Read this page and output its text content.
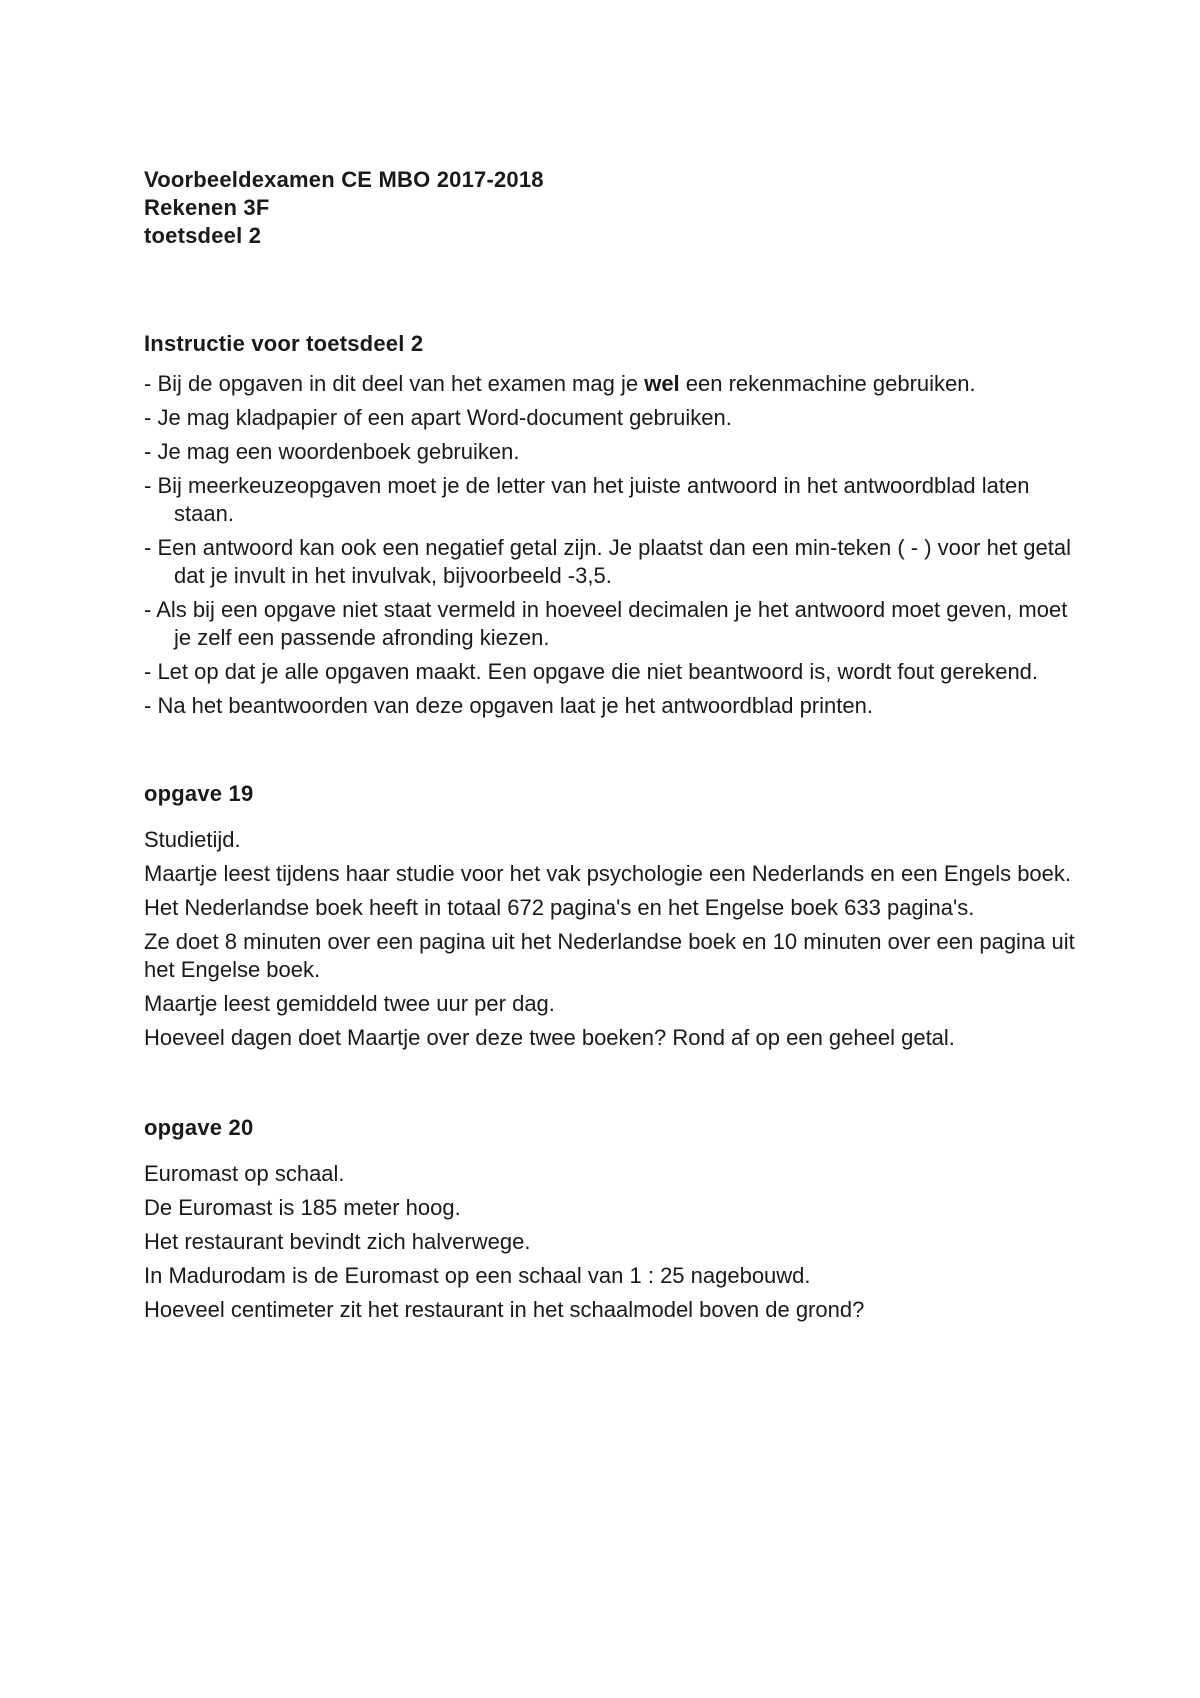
Voorbeeldexamen CE MBO 2017-2018
Rekenen 3F
toetsdeel 2
Instructie voor toetsdeel 2
- Bij de opgaven in dit deel van het examen mag je wel een rekenmachine gebruiken.
- Je mag kladpapier of een apart Word-document gebruiken.
- Je mag een woordenboek gebruiken.
- Bij meerkeuzeopgaven moet je de letter van het juiste antwoord in het antwoordblad laten staan.
- Een antwoord kan ook een negatief getal zijn. Je plaatst dan een min-teken ( - ) voor het getal dat je invult in het invulvak, bijvoorbeeld -3,5.
- Als bij een opgave niet staat vermeld in hoeveel decimalen je het antwoord moet geven, moet je zelf een passende afronding kiezen.
- Let op dat je alle opgaven maakt. Een opgave die niet beantwoord is, wordt fout gerekend.
- Na het beantwoorden van deze opgaven laat je het antwoordblad printen.
opgave 19
Studietijd.
Maartje leest tijdens haar studie voor het vak psychologie een Nederlands en een Engels boek.
Het Nederlandse boek heeft in totaal 672 pagina's en het Engelse boek 633 pagina's.
Ze doet 8 minuten over een pagina uit het Nederlandse boek en 10 minuten over een pagina uit het Engelse boek.
Maartje leest gemiddeld twee uur per dag.
Hoeveel dagen doet Maartje over deze twee boeken? Rond af op een geheel getal.
opgave 20
Euromast op schaal.
De Euromast is 185 meter hoog.
Het restaurant bevindt zich halverwege.
In Madurodam is de Euromast op een schaal van 1 : 25 nagebouwd.
Hoeveel centimeter zit het restaurant in het schaalmodel boven de grond?
